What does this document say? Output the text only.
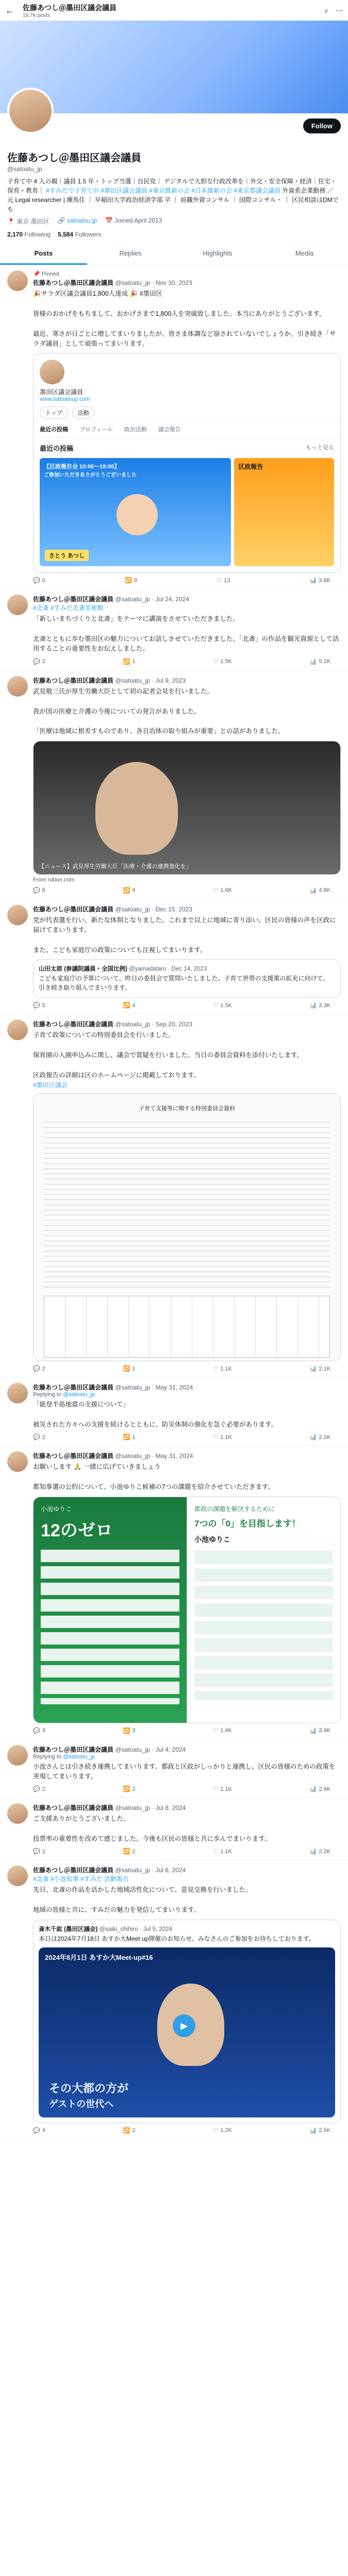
←	佐藤あつし＠墨田区議会議員
19.7K posts
⌕ ⋯
Follow
佐藤あつし＠墨田区議会議員
@satoatu_jp
子育て中 4 人の親｜議員 1.5 年・トップ当選｜自民党｜ デジタルで大胆な行政改革を｜外交・安全保障・経済｜住宅・保育・教育｜ #すみだで子育て中 #墨田区議会議員 #東京維新の会 #日本維新の会 #東京都議会議員 外資系企業勤務 ／ 元 Legal researcher | 練馬住 ｜ 早稲田大学政治経済学部 卒 ｜ 前職外資コンサル ｜ 国際コンサル・ ｜ 区民相談はDMでも
📍 東京 墨田区 🔗 satoatsu.jp 📅 Joined April 2013
2,170 Following 5,584 Followers
Posts	Replies	Highlights	Media
📌 Pinned
佐藤あつし＠墨田区議会議員 @satoatu_jp · Nov 30, 2023
🎉サラダ区議会議員1,800人達成 🎉 #墨田区

皆様のおかげをもちまして、おかげさまで1,800人を突破致しました。本当にありがとうございます。

最近、寒さが日ごとに増してまいりましたが、皆さま体調など崩されていないでしょうか。引き続き「サラダ議員」として頑張ってまいります。
墨田区議会議員
www.satoatsup.com
トップ	活動
最近の投稿 プロフィール 政治活動 議会報告
最近の投稿	もっと見る
【区政報告会 10:00～19:00】
ご参加いただきありがとうございました
さとう あつし
区政報告
💬 0	🔁 9	♡ 13	📊 3.8K
佐藤あつし＠墨田区議会議員 @satoatu_jp · Jul 24, 2024
#北斎 #すみだ北斎美術館
「新しいまちづくりと北斎」をテーマに講演をさせていただきました。

北斎とともに歩む墨田区の魅力についてお話しさせていただきました。「北斎」の作品を観光資源として活用することの重要性をお伝えしました。
💬 2	🔁 1	♡ 1.5K	📊 5.1K
佐藤あつし＠墨田区議会議員 @satoatu_jp · Jul 9, 2023
武見敬三氏が厚生労働大臣として初の記者会見を行いました。

我が国の医療と介護の今後についての発言がありました。

「医療は地域に根差すものであり、各自治体の取り組みが重要」との話がありました。
【ニュース】武見厚生労働大臣「医療・介護の連携強化を」
From nikkei.com
💬 6	🔁 4	♡ 1.6K	📊 4.8K
佐藤あつし＠墨田区議会議員 @satoatu_jp · Dec 15, 2023
党が代表選を行い、新たな体制となりました。これまで以上に地域に寄り添い、区民の皆様の声を区政に届けてまいります。

また、こども家庭庁の政策についても注視してまいります。
山田太郎 (参議院議員・全国比例) @yamadataro · Dec 14, 2023
こども家庭庁の予算について、昨日の委員会で質問いたしました。子育て世帯の支援策の拡充に向けて、引き続き取り組んでまいります。
💬 5	🔁 4	♡ 1.5K	📊 3.3K
佐藤あつし＠墨田区議会議員 @satoatu_jp · Sep 20, 2023
子育て政策についての特別委員会を行いました。

保育園の入園申込みに関し、議会で質疑を行いました。当日の委員会資料を添付いたします。

区政報告の詳細は区のホームページに掲載しております。
#墨田区議会
子育て支援等に関する特別委員会資料
💬 2	🔁 1	♡ 1.1K	📊 2.1K
佐藤あつし＠墨田区議会議員 @satoatu_jp · May 31, 2024
Replying to @satoatu_jp
「能登半島地震の支援について」

被災された方々への支援を続けるとともに、防災体制の強化を急ぐ必要があります。
💬 2	🔁 1	♡ 1.1K	📊 2.1K
佐藤あつし＠墨田区議会議員 @satoatu_jp · May 31, 2024
お願いします 🙏 一緒に広げていきましょう

都知事選の公約について、小池ゆりこ候補の7つの課題を紹介させていただきます。
小池ゆりこ
12のゼロ
都政の課題を解決するために
7つの「0」を目指します！
小池ゆりこ
💬 3	🔁 3	♡ 1.4K	📊 3.9K
佐藤あつし＠墨田区議会議員 @satoatu_jp · Jul 4, 2024
Replying to @satoatu_jp
小池さんとは引き続き連携してまいります。都政と区政がしっかりと連携し、区民の皆様のための政策を実現してまいります。
💬 2	🔁 2	♡ 1.1K	📊 2.4K
佐藤あつし＠墨田区議会議員 @satoatu_jp · Jul 8, 2024
ご支援ありがとうございました。

投票率の重要性を改めて感じました。今後も区民の皆様と共に歩んでまいります。
💬 2	🔁 2	♡ 1.1K	📊 2.2K
佐藤あつし＠墨田区議会議員 @satoatu_jp · Jul 6, 2024
#北斎 #小池知事 #すみだ 活動報告
先日、北斎の作品を活かした地域活性化について、意見交換を行いました。

地域の皆様と共に、すみだの魅力を発信してまいります。
斎木千紘 (墨田区議会) @saiki_chihiro · Jul 5, 2024
本日は2024年7月18日 あすか大Meet up開催のお知らせ。みなさんのご参加をお待ちしております。
2024年8月1日 あすか大Meet-up#16
その大都の方が
ゲストの世代へ
▶
💬 4	🔁 2	♡ 1.2K	📊 2.5K
